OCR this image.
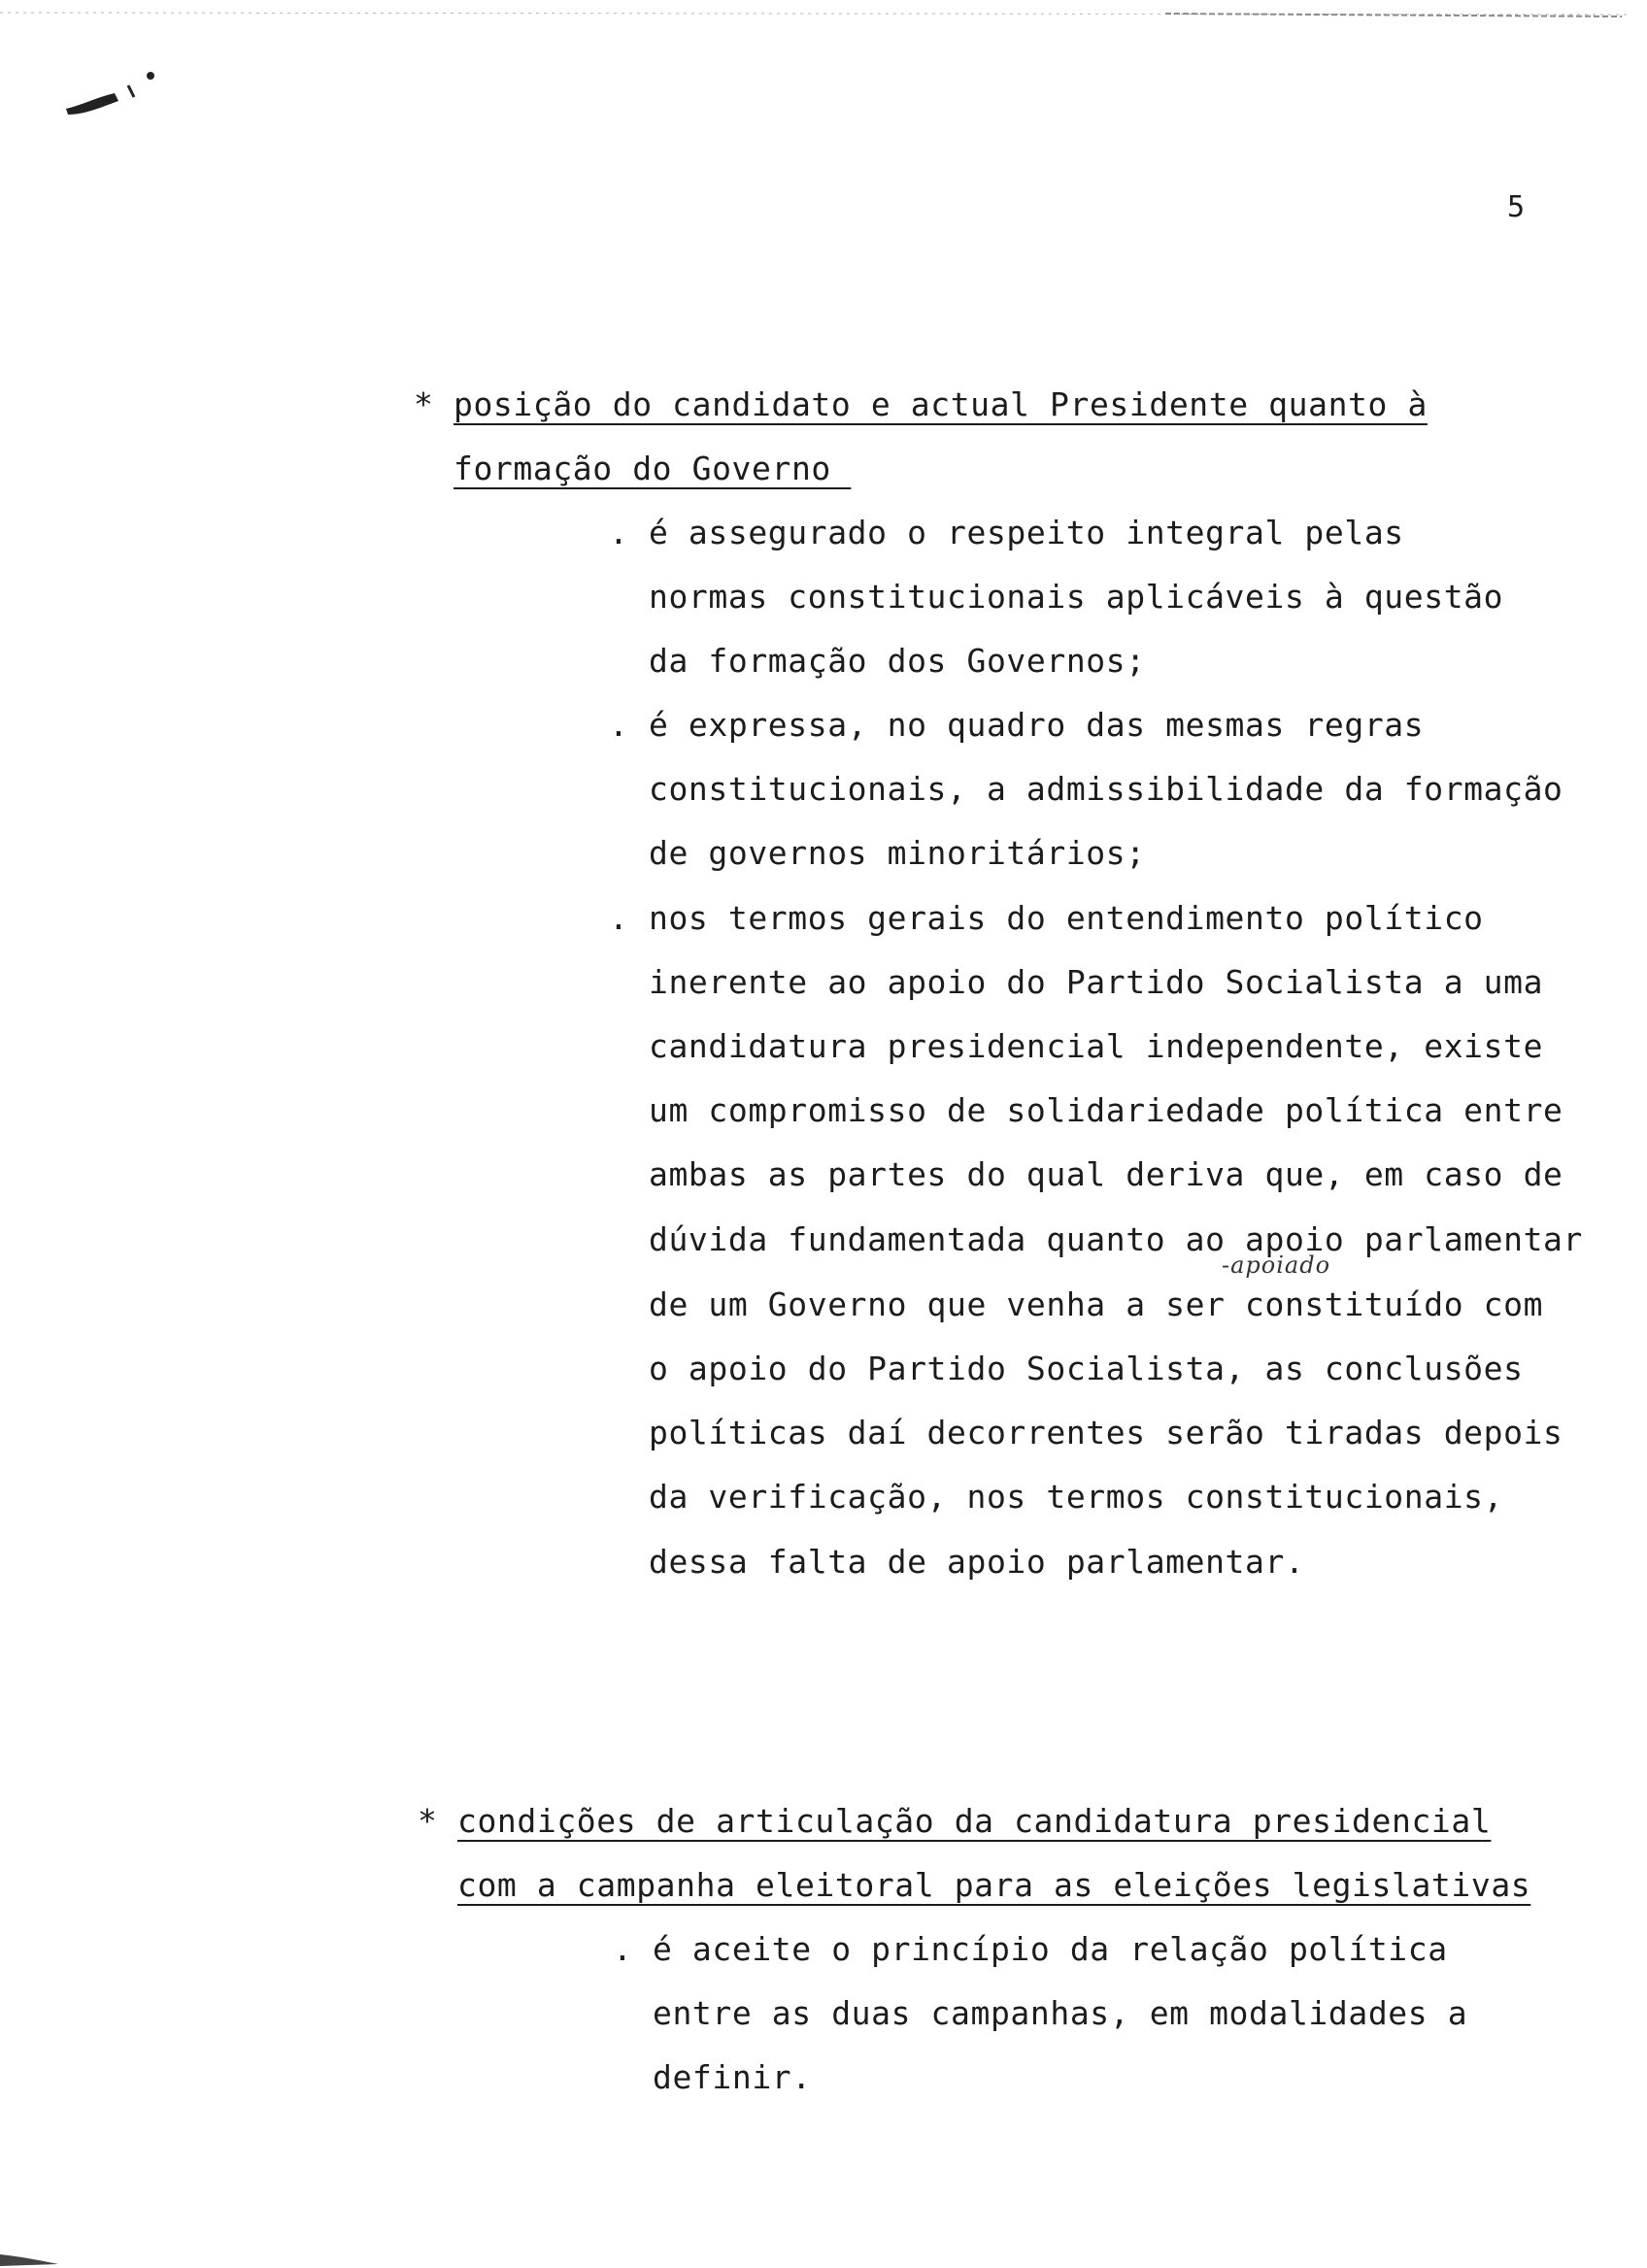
5
* posição do candidato e actual Presidente quanto à
formação do Governo
. é assegurado o respeito integral pelas
normas constitucionais aplicáveis à questão
da formação dos Governos;
. é expressa, no quadro das mesmas regras
constitucionais, a admissibilidade da formação
de governos minoritários;
. nos termos gerais do entendimento político
inerente ao apoio do Partido Socialista a uma
candidatura presidencial independente, existe
um compromisso de solidariedade política entre
ambas as partes do qual deriva que, em caso de
dúvida fundamentada quanto ao apoio parlamentar
-apoiado
de um Governo que venha a ser constituído com
o apoio do Partido Socialista, as conclusões
políticas daí decorrentes serão tiradas depois
da verificação, nos termos constitucionais,
dessa falta de apoio parlamentar.
* condições de articulação da candidatura presidencial
com a campanha eleitoral para as eleições legislativas
. é aceite o princípio da relação política
entre as duas campanhas, em modalidades a
definir.
